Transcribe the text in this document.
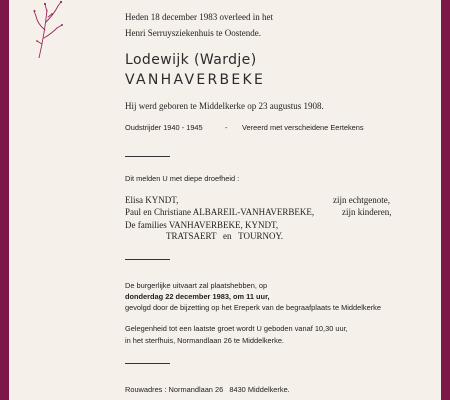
Heden 18 december 1983 overleed in het
Henri Serruysziekenhuis te Oostende.
Lodewijk (Wardje)
VANHAVERBEKE
Hij werd geboren te Middelkerke op 23 augustus 1908.
Oudstrijder 1940 - 1945	- Vereerd met verscheidene Eertekens
Dit melden U met diepe droefheid :
Elisa KYNDT,	zijn echtgenote,
Paul en Christiane ALBAREIL-VANHAVERBEKE,	zijn kinderen,
De families VANHAVERBEKE, KYNDT,
TRATSAERT   en   TOURNOY.
De burgerlijke uitvaart zal plaatshebben, op
donderdag 22 december 1983, om 11 uur,
gevolgd door de bijzetting op het Ereperk van de begraafplaats te Middelkerke
Gelegenheid tot een laatste groet wordt U geboden vanaf 10,30 uur,
in het sterfhuis, Normandlaan 26 te Middelkerke.
Rouwadres : Normandlaan 26   8430 Middelkerke.
